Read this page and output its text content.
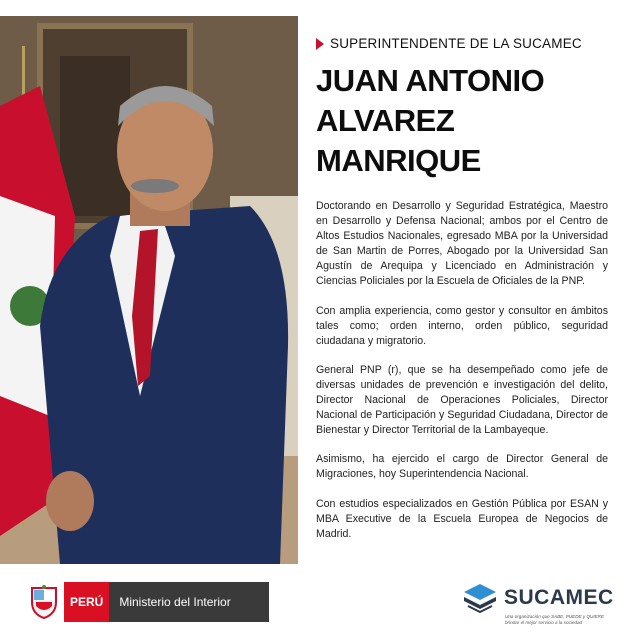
SUPERINTENDENTE DE LA SUCAMEC
JUAN ANTONIO
ALVAREZ
MANRIQUE

Doctorando en Desarrollo y Seguridad Estratégica, Maestro en Desarrollo y Defensa Nacional; ambos por el Centro de Altos Estudios Nacionales, egresado MBA por la Universidad de San Martin de Porres, Abogado por la Universidad San Agustín de Arequipa y Licenciado en Administración y Ciencias Policiales por la Escuela de Oficiales de la PNP.

Con amplia experiencia, como gestor y consultor en ámbitos tales como; orden interno, orden público, seguridad ciudadana y migratorio.

General PNP (r), que se ha desempeñado como jefe de diversas unidades de prevención e investigación del delito, Director Nacional de Operaciones Policiales, Director Nacional de Participación y Seguridad Ciudadana, Director de Bienestar y Director Territorial de la Lambayeque.

Asimismo, ha ejercido el cargo de Director General de Migraciones, hoy Superintendencia Nacional.

Con estudios especializados en Gestión Pública por ESAN y MBA Executive de la Escuela Europea de Negocios de Madrid.

PERÚ	Ministerio del Interior	SUCAMEC
Una organización que SABE, PUEDE y QUIERE brindar el mejor servicio a la sociedad
